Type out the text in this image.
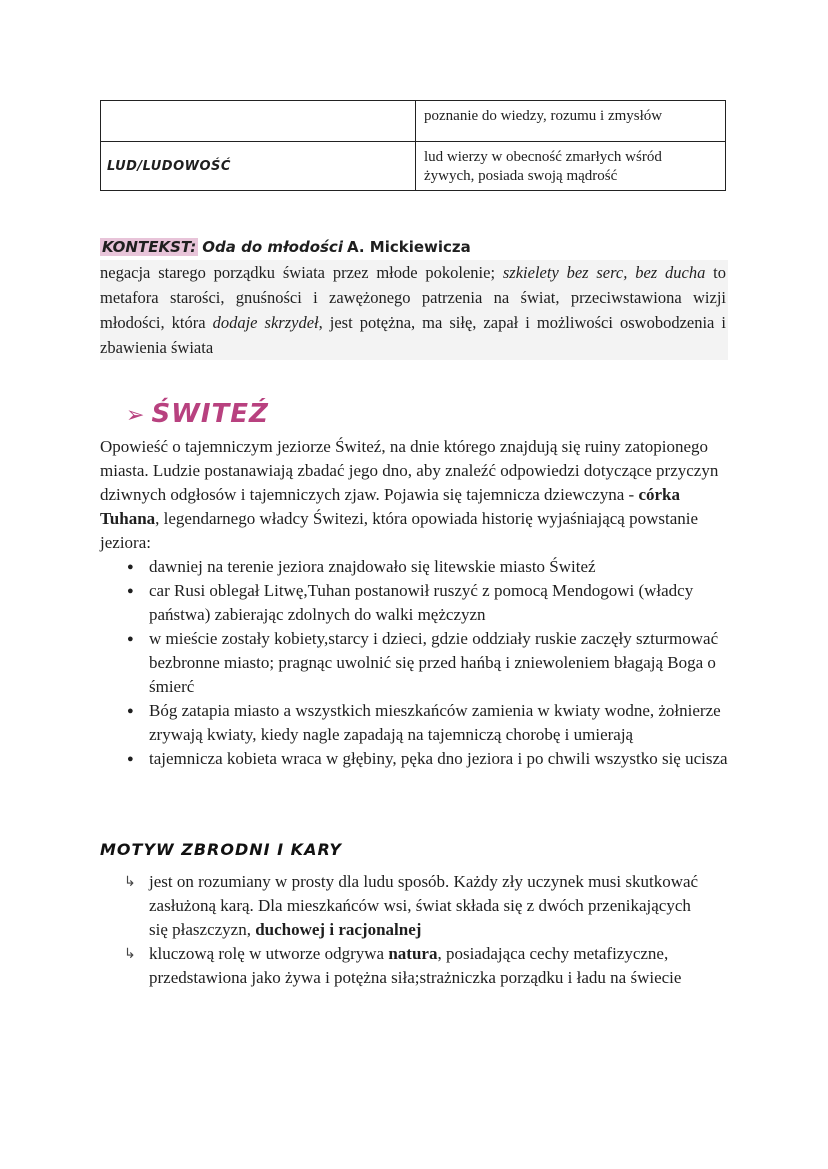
	poznanie do wiedzy, rozumu i zmysłów
LUD/LUDOWOŚĆ	lud wierzy w obecność zmarłych wśród
żywych, posiada swoją mądrość
KONTEKST: Oda do młodości A. Mickiewicza
negacja starego porządku świata przez młode pokolenie; szkielety bez serc, bez ducha to metafora starości, gnuśności i zawężonego patrzenia na świat, przeciwstawiona wizji młodości, która dodaje skrzydeł, jest potężna, ma siłę, zapał i możliwości oswobodzenia i zbawienia świata
➢ ŚWITEŹ
Opowieść o tajemniczym jeziorze Świteź, na dnie którego znajdują się ruiny zatopionego miasta. Ludzie postanawiają zbadać jego dno, aby znaleźć odpowiedzi dotyczące przyczyn dziwnych odgłosów i tajemniczych zjaw. Pojawia się tajemnicza dziewczyna - córka Tuhana, legendarnego władcy Świtezi, która opowiada historię wyjaśniającą powstanie jeziora:
● dawniej na terenie jeziora znajdowało się litewskie miasto Świteź
● car Rusi oblegał Litwę,Tuhan postanowił ruszyć z pomocą Mendogowi (władcy państwa) zabierając zdolnych do walki mężczyzn
● w mieście zostały kobiety,starcy i dzieci, gdzie oddziały ruskie zaczęły szturmować bezbronne miasto; pragnąc uwolnić się przed hańbą i zniewoleniem błagają Boga o śmierć
● Bóg zatapia miasto a wszystkich mieszkańców zamienia w kwiaty wodne, żołnierze zrywają kwiaty, kiedy nagle zapadają na tajemniczą chorobę i umierają
● tajemnicza kobieta wraca w głębiny, pęka dno jeziora i po chwili wszystko się ucisza
MOTYW ZBRODNI I KARY
↳ jest on rozumiany w prosty dla ludu sposób. Każdy zły uczynek musi skutkować zasłużoną karą. Dla mieszkańców wsi, świat składa się z dwóch przenikających się płaszczyzn, duchowej i racjonalnej
↳ kluczową rolę w utworze odgrywa natura, posiadająca cechy metafizyczne, przedstawiona jako żywa i potężna siła;strażniczka porządku i ładu na świecie
